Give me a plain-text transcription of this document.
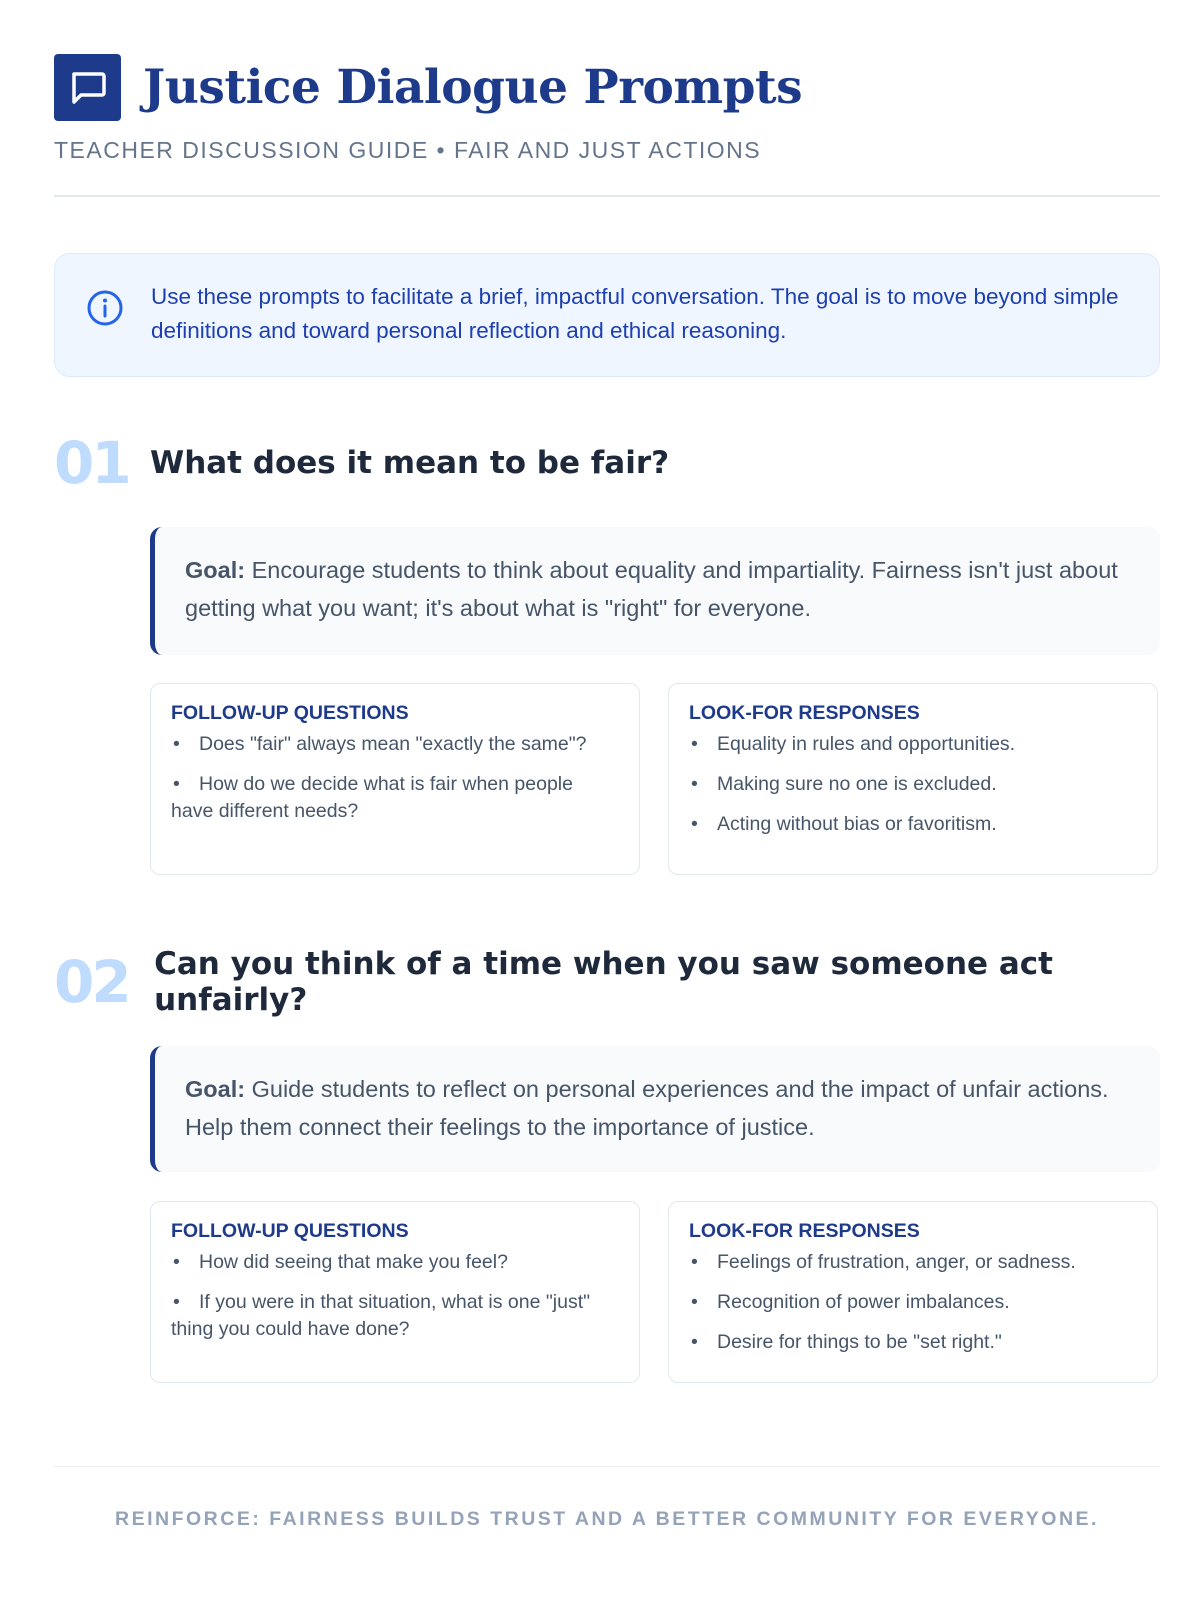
Justice Dialogue Prompts
TEACHER DISCUSSION GUIDE • FAIR AND JUST ACTIONS

Use these prompts to facilitate a brief, impactful conversation. The goal is to move beyond simple definitions and toward personal reflection and ethical reasoning.

01 What does it mean to be fair?
Goal: Encourage students to think about equality and impartiality. Fairness isn't just about getting what you want; it's about what is "right" for everyone.
FOLLOW-UP QUESTIONS
• Does "fair" always mean "exactly the same"?
• How do we decide what is fair when people have different needs?
LOOK-FOR RESPONSES
• Equality in rules and opportunities.
• Making sure no one is excluded.
• Acting without bias or favoritism.
02 Can you think of a time when you saw someone act unfairly?
Goal: Guide students to reflect on personal experiences and the impact of unfair actions. Help them connect their feelings to the importance of justice.
FOLLOW-UP QUESTIONS
• How did seeing that make you feel?
• If you were in that situation, what is one "just" thing you could have done?
LOOK-FOR RESPONSES
• Feelings of frustration, anger, or sadness.
• Recognition of power imbalances.
• Desire for things to be "set right."
REINFORCE: FAIRNESS BUILDS TRUST AND A BETTER COMMUNITY FOR EVERYONE.
